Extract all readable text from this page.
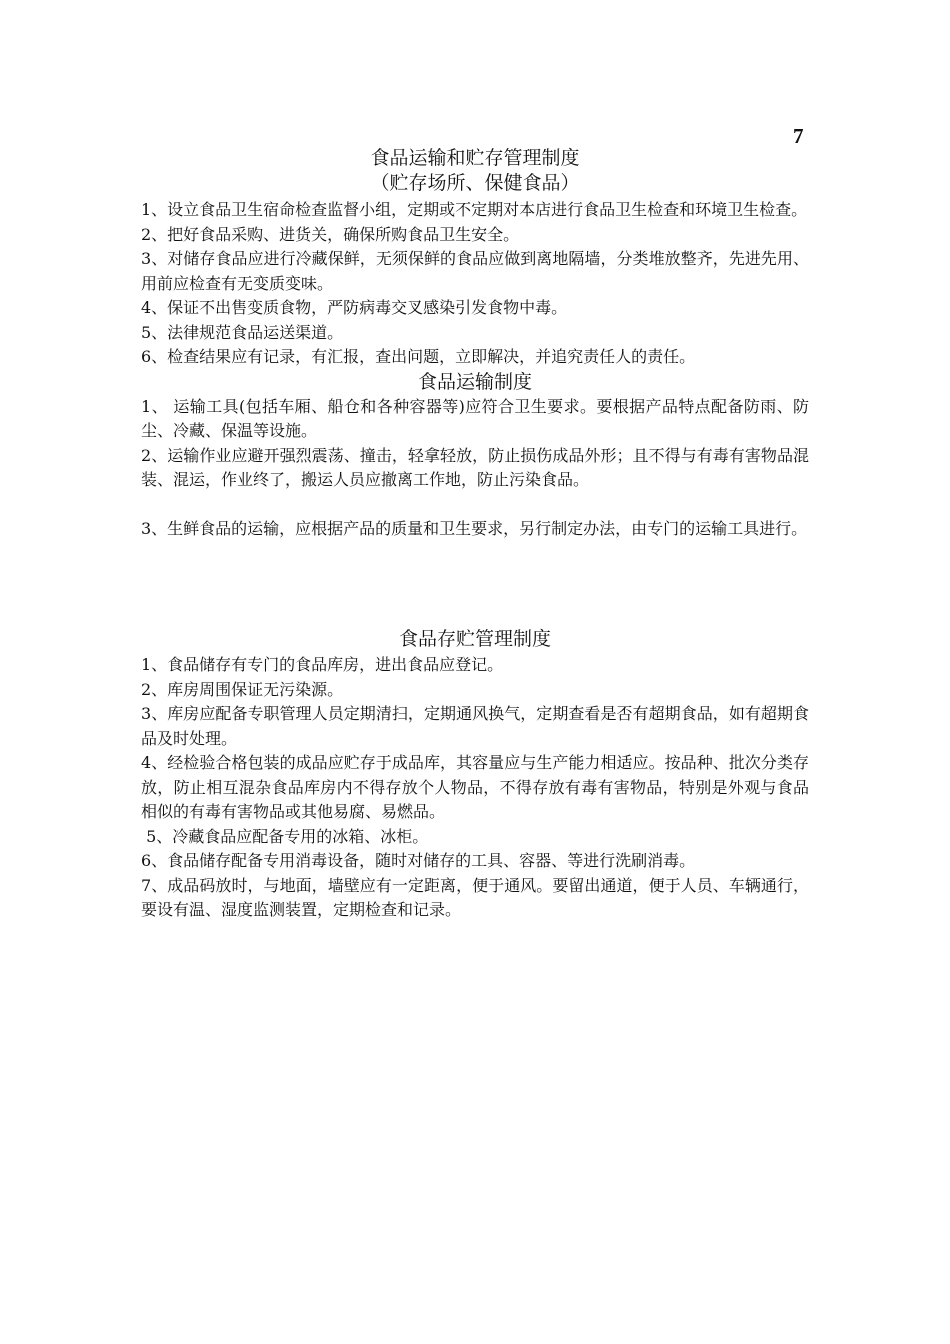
7
食品运输和贮存管理制度
（贮存场所、保健食品）

1、设立食品卫生宿命检查监督小组，定期或不定期对本店进行食品卫生检查和环境卫生检查。

2、把好食品采购、进货关，确保所购食品卫生安全。

3、对储存食品应进行冷藏保鲜，无须保鲜的食品应做到离地隔墙，分类堆放整齐，先进先用、用前应检查有无变质变味。

4、保证不出售变质食物，严防病毒交叉感染引发食物中毒。

5、法律规范食品运送渠道。

6、检查结果应有记录，有汇报，查出问题，立即解决，并追究责任人的责任。

食品运输制度

1、 运输工具(包括车厢、船仓和各种容器等)应符合卫生要求。要根据产品特点配备防雨、防尘、冷藏、保温等设施。

2、运输作业应避开强烈震荡、撞击，轻拿轻放，防止损伤成品外形；且不得与有毒有害物品混装、混运，作业终了，搬运人员应撤离工作地，防止污染食品。

3、生鲜食品的运输，应根据产品的质量和卫生要求，另行制定办法，由专门的运输工具进行。

食品存贮管理制度

1、食品储存有专门的食品库房，进出食品应登记。

2、库房周围保证无污染源。

3、库房应配备专职管理人员定期清扫，定期通风换气，定期查看是否有超期食品，如有超期食品及时处理。

4、经检验合格包装的成品应贮存于成品库，其容量应与生产能力相适应。按品种、批次分类存放，防止相互混杂食品库房内不得存放个人物品，不得存放有毒有害物品，特别是外观与食品相似的有毒有害物品或其他易腐、易燃品。

5、冷藏食品应配备专用的冰箱、冰柜。

6、食品储存配备专用消毒设备，随时对储存的工具、容器、等进行洗刷消毒。

7、成品码放时，与地面，墙壁应有一定距离，便于通风。要留出通道，便于人员、车辆通行，要设有温、湿度监测装置，定期检查和记录。
